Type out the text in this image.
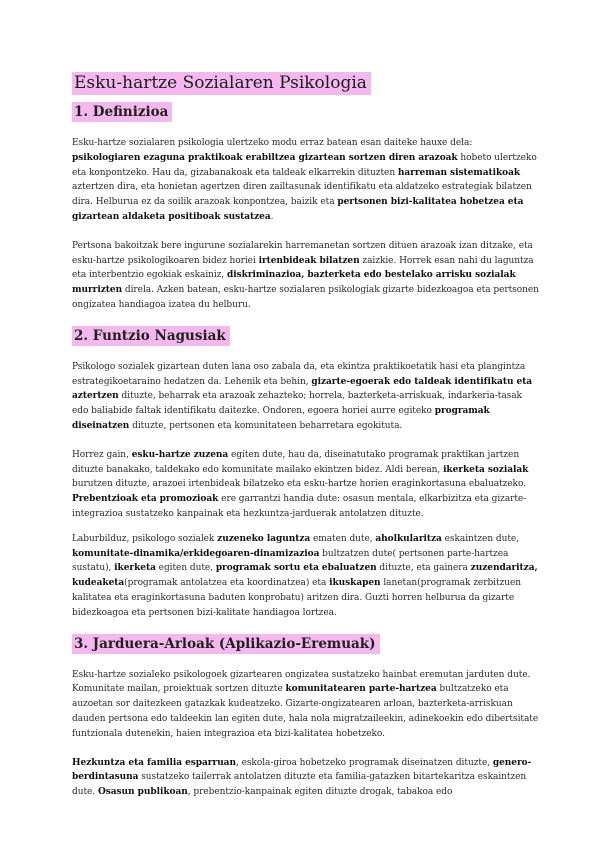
Esku-hartze Sozialaren Psikologia
1. Definizioa

Esku-hartze sozialaren psikologia ulertzeko modu erraz batean esan daiteke hauxe dela: psikologiaren ezaguna praktikoak erabiltzea gizartean sortzen diren arazoak hobeto ulertzeko eta konpontzeko. Hau da, gizabanakoak eta taldeak elkarrekin dituzten harreman sistematikoak aztertzen dira, eta honietan agertzen diren zailtasunak identifikatu eta aldatzeko estrategiak bilatzen dira. Helburua ez da soilik arazoak konpontzea, baizik eta pertsonen bizi-kalitatea hobetzea eta gizartean aldaketa positiboak sustatzea.

Pertsona bakoitzak bere ingurune sozialarekin harremanetan sortzen dituen arazoak izan ditzake, eta esku-hartze psikologikoaren bidez horiei irtenbideak bilatzen zaizkie. Horrek esan nahi du laguntza eta interbentzio egokiak eskainiz, diskriminazioa, bazterketa edo bestelako arrisku sozialak murrizten direla. Azken batean, esku-hartze sozialaren psikologiak gizarte bidezkoagoa eta pertsonen ongizatea handiagoa izatea du helburu.

2. Funtzio Nagusiak

Psikologo sozialek gizartean duten lana oso zabala da, eta ekintza praktikoetatik hasi eta plangintza estrategikoetaraino hedatzen da. Lehenik eta behin, gizarte-egoerak edo taldeak identifikatu eta aztertzen dituzte, beharrak eta arazoak zehazteko; horrela, bazterketa-arriskuak, indarkeria-tasak edo baliabide faltak identifikatu daitezke. Ondoren, egoera horiei aurre egiteko programak diseinatzen dituzte, pertsonen eta komunitateen beharretara egokituta.

Horrez gain, esku-hartze zuzena egiten dute, hau da, diseinatutako programak praktikan jartzen dituzte banakako, taldekako edo komunitate mailako ekintzen bidez. Aldi berean, ikerketa sozialak burutzen dituzte, arazoei irtenbideak bilatzeko eta esku-hartze horien eraginkortasuna ebaluatzeko. Prebentzioak eta promozioak ere garrantzi handia dute: osasun mentala, elkarbizitza eta gizarte-integrazioa sustatzeko kanpainak eta hezkuntza-jarduerak antolatzen dituzte.

Laburbilduz, psikologo sozialek zuzeneko laguntza ematen dute, aholkularitza eskaintzen dute, komunitate-dinamika/erkidegoaren-dinamizazioa bultzatzen dute( pertsonen parte-hartzea sustatu), ikerketa egiten dute, programak sortu eta ebaluatzen dituzte, eta gainera zuzendaritza, kudeaketa(programak antolatzea eta koordinatzea) eta ikuskapen lanetan(programak zerbitzuen kalitatea eta eraginkortasuna baduten konprobatu) aritzen dira. Guzti horren helburua da gizarte bidezkoagoa eta pertsonen bizi-kalitate handiagoa lortzea.

3. Jarduera-Arloak (Aplikazio-Eremuak)

Esku-hartze sozialeko psikologoek gizartearen ongizatea sustatzeko hainbat eremutan jarduten dute. Komunitate mailan, proiektuak sortzen dituzte komunitatearen parte-hartzea bultzatzeko eta auzoetan sor daitezkeen gatazkak kudeatzeko. Gizarte-ongizatearen arloan, bazterketa-arriskuan dauden pertsona edo taldeekin lan egiten dute, hala nola migratzaileekin, adinekoekin edo dibertsitate funtzionala dutenekin, haien integrazioa eta bizi-kalitatea hobetzeko.

Hezkuntza eta familia esparruan, eskola-giroa hobetzeko programak diseinatzen dituzte, genero-berdintasuna sustatzeko tailerrak antolatzen dituzte eta familia-gatazken bitartekaritza eskaintzen dute. Osasun publikoan, prebentzio-kanpainak egiten dituzte drogak, tabakoa edo
